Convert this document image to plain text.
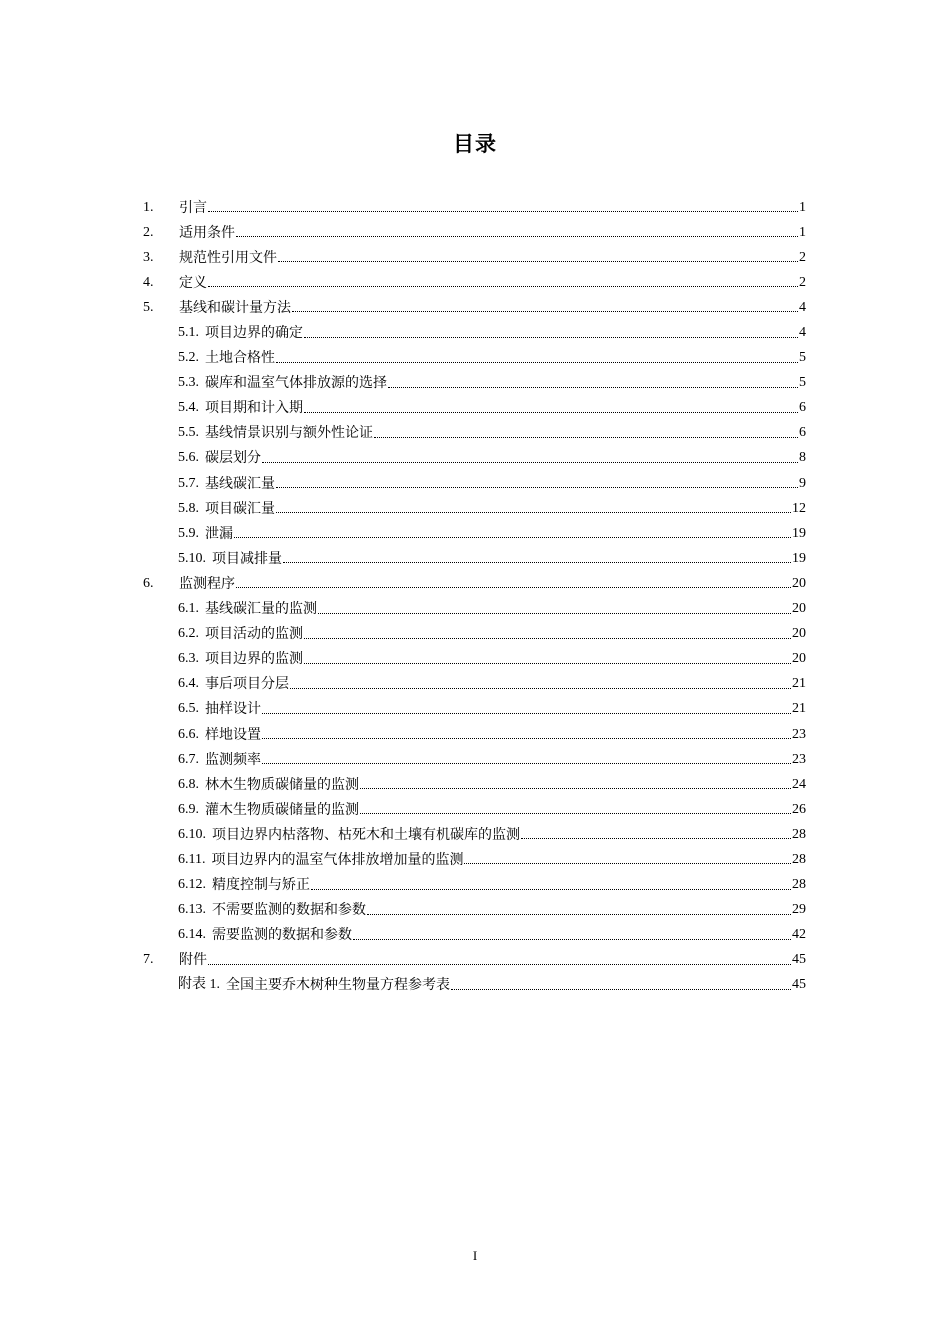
目录
1.	引言	1
2.	适用条件	1
3.	规范性引用文件	2
4.	定义	2
5.	基线和碳计量方法	4
5.1. 项目边界的确定	4
5.2. 土地合格性	5
5.3. 碳库和温室气体排放源的选择	5
5.4. 项目期和计入期	6
5.5. 基线情景识别与额外性论证	6
5.6. 碳层划分	8
5.7. 基线碳汇量	9
5.8. 项目碳汇量	12
5.9. 泄漏	19
5.10. 项目减排量	19
6.	监测程序	20
6.1. 基线碳汇量的监测	20
6.2. 项目活动的监测	20
6.3. 项目边界的监测	20
6.4. 事后项目分层	21
6.5. 抽样设计	21
6.6. 样地设置	23
6.7. 监测频率	23
6.8. 林木生物质碳储量的监测	24
6.9. 灌木生物质碳储量的监测	26
6.10. 项目边界内枯落物、枯死木和土壤有机碳库的监测	28
6.11. 项目边界内的温室气体排放增加量的监测	28
6.12. 精度控制与矫正	28
6.13. 不需要监测的数据和参数	29
6.14. 需要监测的数据和参数	42
7.	附件	45
附表 1. 全国主要乔木树种生物量方程参考表	45
I
